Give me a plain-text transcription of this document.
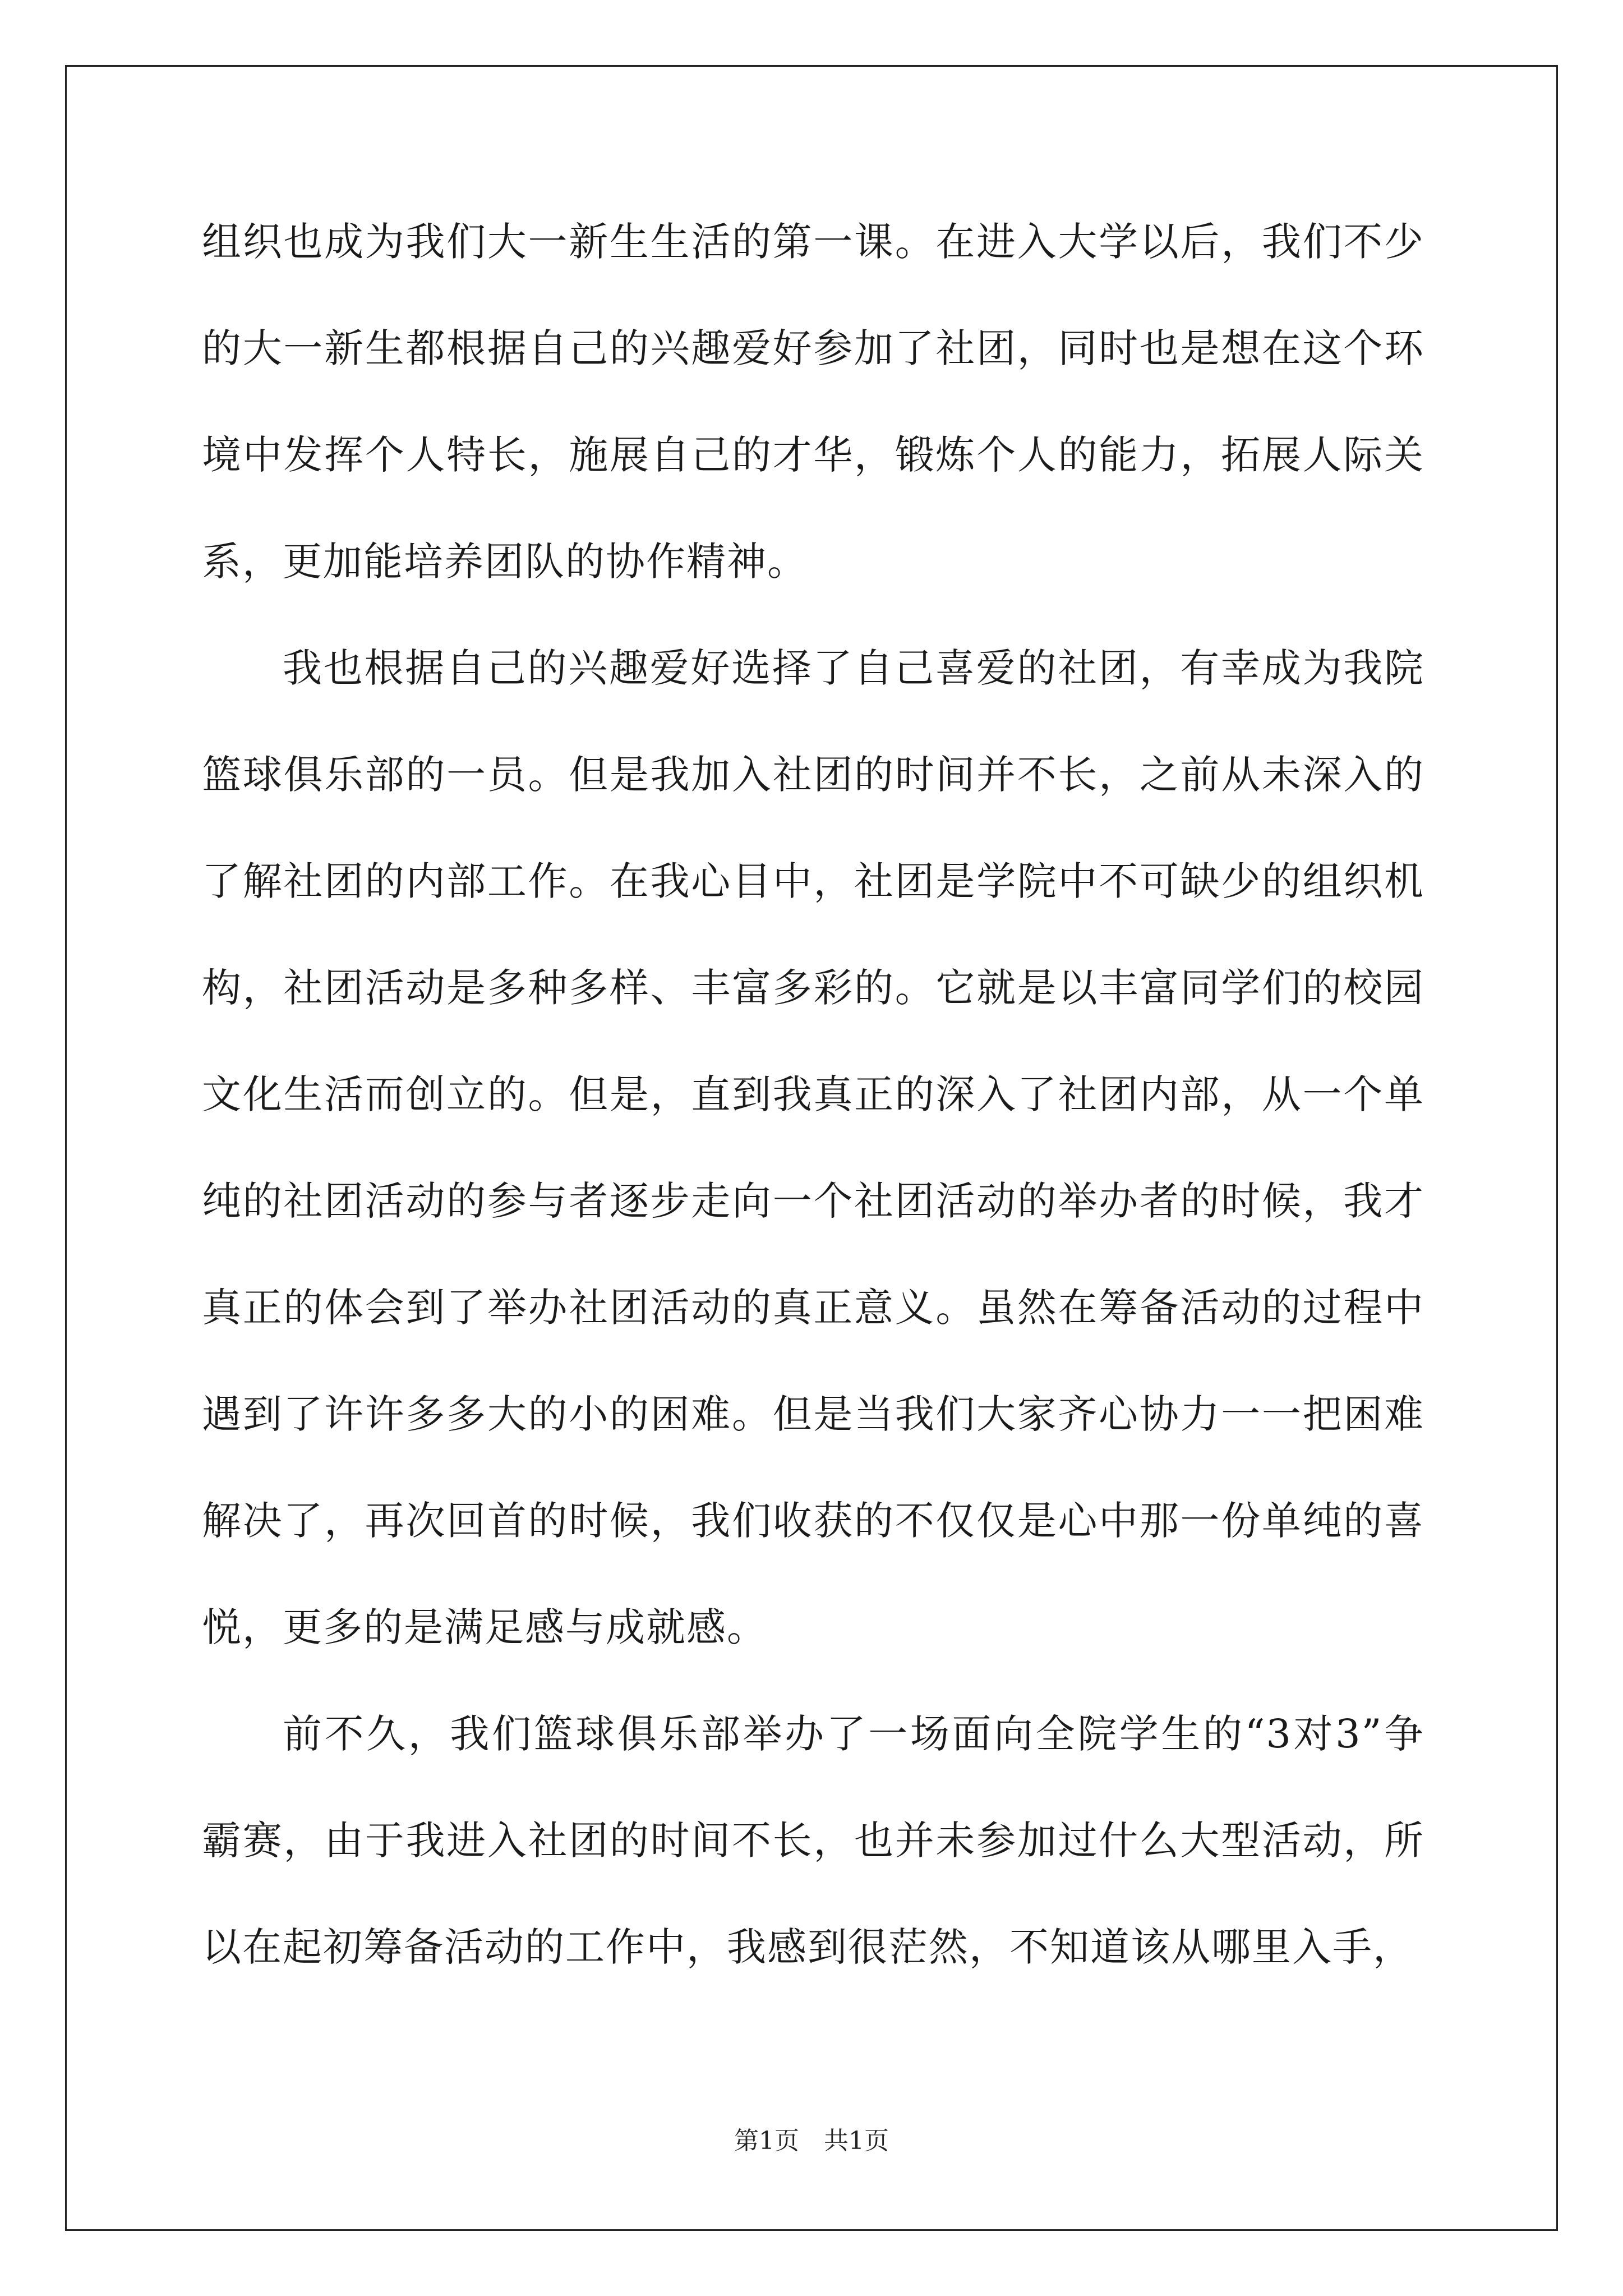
组织也成为我们大一新生生活的第一课。在进入大学以后，我们不少的大一新生都根据自己的兴趣爱好参加了社团，同时也是想在这个环境中发挥个人特长，施展自己的才华，锻炼个人的能力，拓展人际关系，更加能培养团队的协作精神。

我也根据自己的兴趣爱好选择了自己喜爱的社团，有幸成为我院篮球俱乐部的一员。但是我加入社团的时间并不长，之前从未深入的了解社团的内部工作。在我心目中，社团是学院中不可缺少的组织机构，社团活动是多种多样、丰富多彩的。它就是以丰富同学们的校园文化生活而创立的。但是，直到我真正的深入了社团内部，从一个单纯的社团活动的参与者逐步走向一个社团活动的举办者的时候，我才真正的体会到了举办社团活动的真正意义。虽然在筹备活动的过程中遇到了许许多多大的小的困难。但是当我们大家齐心协力一一把困难解决了，再次回首的时候，我们收获的不仅仅是心中那一份单纯的喜悦，更多的是满足感与成就感。

前不久，我们篮球俱乐部举办了一场面向全院学生的“3对3”争霸赛，由于我进入社团的时间不长，也并未参加过什么大型活动，所以在起初筹备活动的工作中，我感到很茫然，不知道该从哪里入手，

第1页　共1页
